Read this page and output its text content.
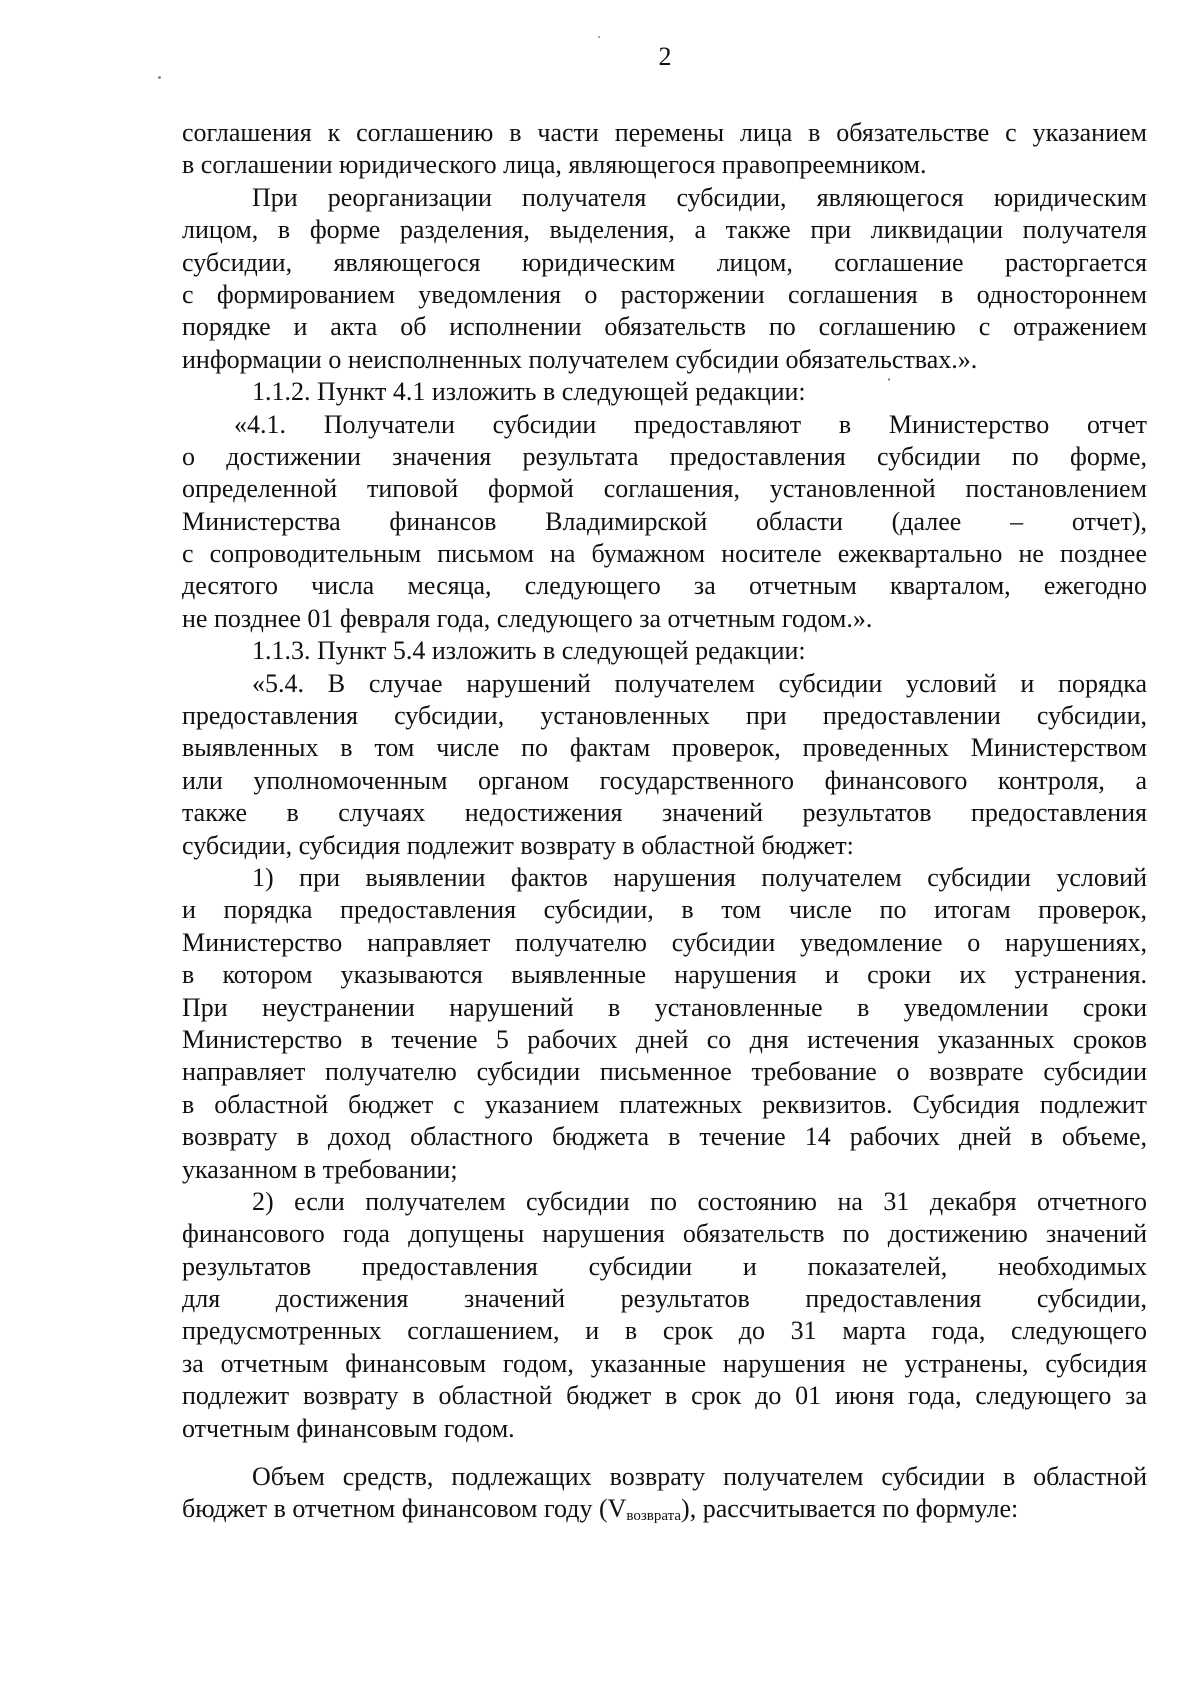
2
соглашения к соглашению в части перемены лица в обязательстве с указанием
в соглашении юридического лица, являющегося правопреемником.
При реорганизации получателя субсидии, являющегося юридическим
лицом, в форме разделения, выделения, а также при ликвидации получателя
субсидии, являющегося юридическим лицом, соглашение расторгается
с формированием уведомления о расторжении соглашения в одностороннем
порядке и акта об исполнении обязательств по соглашению с отражением
информации о неисполненных получателем субсидии обязательствах.».
1.1.2. Пункт 4.1 изложить в следующей редакции:
«4.1. Получатели субсидии предоставляют в Министерство отчет
о достижении значения результата предоставления субсидии по форме,
определенной типовой формой соглашения, установленной постановлением
Министерства финансов Владимирской области (далее – отчет),
с сопроводительным письмом на бумажном носителе ежеквартально не позднее
десятого числа месяца, следующего за отчетным кварталом, ежегодно
не позднее 01 февраля года, следующего за отчетным годом.».
1.1.3. Пункт 5.4 изложить в следующей редакции:
«5.4. В случае нарушений получателем субсидии условий и порядка
предоставления субсидии, установленных при предоставлении субсидии,
выявленных в том числе по фактам проверок, проведенных Министерством
или уполномоченным органом государственного финансового контроля, а
также в случаях недостижения значений результатов предоставления
субсидии, субсидия подлежит возврату в областной бюджет:
1) при выявлении фактов нарушения получателем субсидии условий
и порядка предоставления субсидии, в том числе по итогам проверок,
Министерство направляет получателю субсидии уведомление о нарушениях,
в котором указываются выявленные нарушения и сроки их устранения.
При неустранении нарушений в установленные в уведомлении сроки
Министерство в течение 5 рабочих дней со дня истечения указанных сроков
направляет получателю субсидии письменное требование о возврате субсидии
в областной бюджет с указанием платежных реквизитов. Субсидия подлежит
возврату в доход областного бюджета в течение 14 рабочих дней в объеме,
указанном в требовании;
2) если получателем субсидии по состоянию на 31 декабря отчетного
финансового года допущены нарушения обязательств по достижению значений
результатов предоставления субсидии и показателей, необходимых
для достижения значений результатов предоставления субсидии,
предусмотренных соглашением, и в срок до 31 марта года, следующего
за отчетным финансовым годом, указанные нарушения не устранены, субсидия
подлежит возврату в областной бюджет в срок до 01 июня года, следующего за
отчетным финансовым годом.
Объем средств, подлежащих возврату получателем субсидии в областной
бюджет в отчетном финансовом году $(V_{возврата})$, рассчитывается по формуле:
